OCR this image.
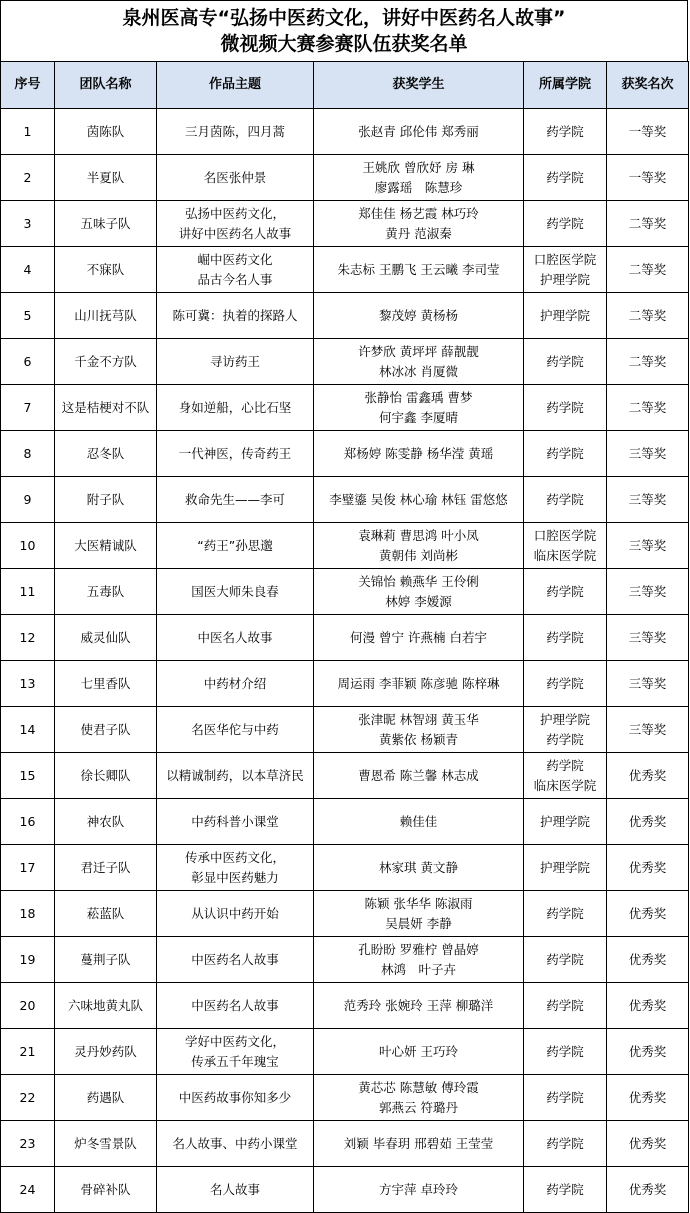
泉州医高专“弘扬中医药文化，讲好中医药名人故事”
微视频大赛参赛队伍获奖名单
序号	团队名称	作品主题	获奖学生	所属学院	获奖名次
1	茵陈队	三月茵陈，四月蒿	张赵青 邱伦伟 郑秀丽	药学院	一等奖
2	半夏队	名医张仲景	王姚欣 曾欣妤 房 琳
廖露瑶　陈慧珍	药学院	一等奖
3	五味子队	弘扬中医药文化，
讲好中医药名人故事	郑佳佳 杨艺霞 林巧玲
黄丹 范淑秦	药学院	二等奖
4	不寐队	崛中医药文化
品古今名人事	朱志标 王鹏飞 王云曦 李司莹	口腔医学院
护理学院	二等奖
5	山川抚芎队	陈可冀：执着的探路人	黎茂婷 黄杨杨	护理学院	二等奖
6	千金不方队	寻访药王	许梦欣 黄坪坪 薛靓靓
林冰冰 肖厦微	药学院	二等奖
7	这是桔梗对不队	身如逆船，心比石坚	张静怡 雷鑫瑀 曹梦
何宇鑫 李厦晴	药学院	二等奖
8	忍冬队	一代神医，传奇药王	郑杨婷 陈雯静 杨华滢 黄瑶	药学院	三等奖
9	附子队	救命先生——李可	李璧鎏 吴俊 林心瑜 林钰 雷悠悠	药学院	三等奖
10	大医精诚队	“药王”孙思邈	袁琳莉 曹思鸿 叶小凤
黄朝伟 刘尚彬	口腔医学院
临床医学院	三等奖
11	五毒队	国医大师朱良春	关锦怡 赖燕华 王伶俐
林婷 李嫒源	药学院	三等奖
12	威灵仙队	中医名人故事	何漫 曾宁 许燕楠 白若宇	药学院	三等奖
13	七里香队	中药材介绍	周运雨 李菲颖 陈彦驰 陈梓琳	药学院	三等奖
14	使君子队	名医华佗与中药	张津昵 林智翊 黄玉华
黄紫依 杨颖青	护理学院
药学院	三等奖
15	徐长卿队	以精诚制药，以本草济民	曹恩希 陈兰馨 林志成	药学院
临床医学院	优秀奖
16	神农队	中药科普小课堂	赖佳佳	护理学院	优秀奖
17	君迁子队	传承中医药文化，
彰显中医药魅力	林家琪 黄文静	护理学院	优秀奖
18	菘蓝队	从认识中药开始	陈颖 张华华 陈淑雨
吴晨妍 李静	药学院	优秀奖
19	蔓荆子队	中医药名人故事	孔盼盼 罗雅柠 曾晶婷
林鸿　叶子卉	药学院	优秀奖
20	六味地黄丸队	中医药名人故事	范秀玲 张婉玲 王萍 柳璐洋	药学院	优秀奖
21	灵丹妙药队	学好中医药文化，
传承五千年瑰宝	叶心妍 王巧玲	药学院	优秀奖
22	药遇队	中医药故事你知多少	黄芯芯 陈慧敏 傅玲霞
郭燕云 符璐丹	药学院	优秀奖
23	炉冬雪景队	名人故事、中药小课堂	刘颖 毕春玥 邢碧茹 王莹莹	药学院	优秀奖
24	骨碎补队	名人故事	方宇萍 卓玲玲	药学院	优秀奖
